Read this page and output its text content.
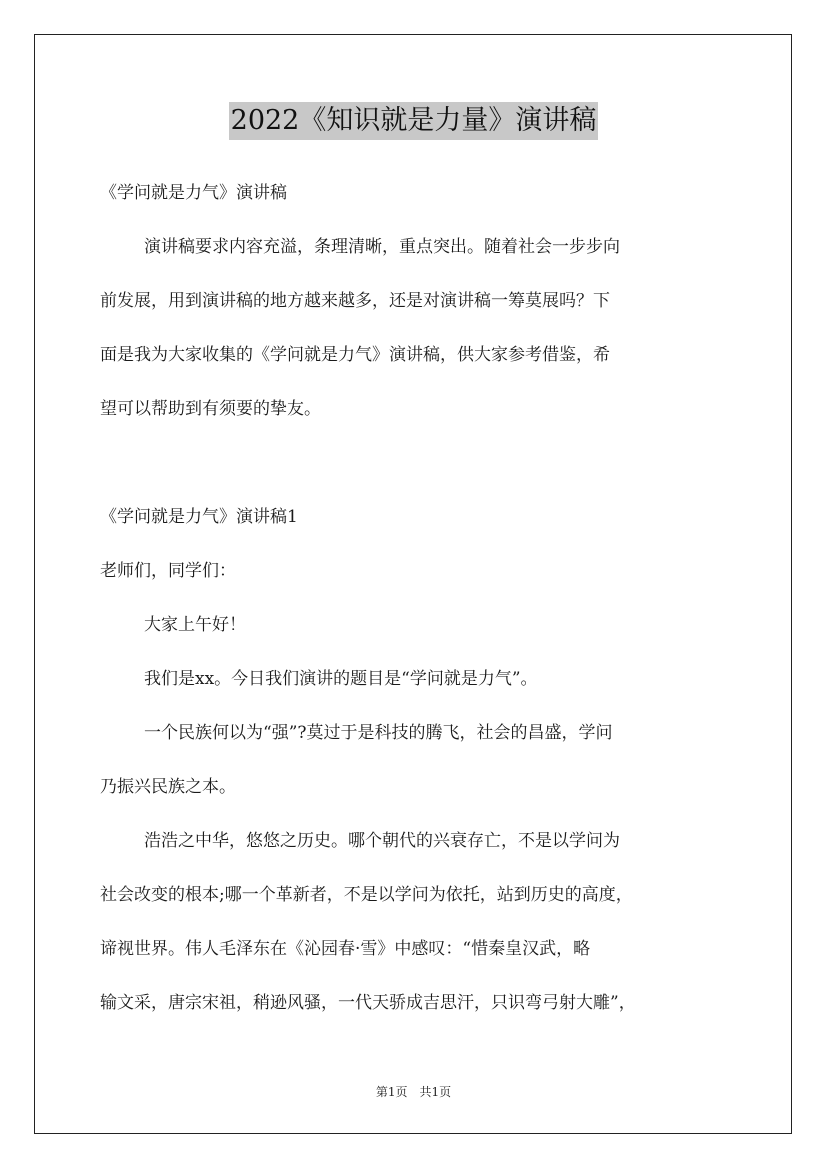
2022《知识就是力量》演讲稿
《学问就是力气》演讲稿
演讲稿要求内容充溢，条理清晰，重点突出。随着社会一步步向
前发展，用到演讲稿的地方越来越多，还是对演讲稿一筹莫展吗？下
面是我为大家收集的《学问就是力气》演讲稿，供大家参考借鉴，希
望可以帮助到有须要的挚友。
《学问就是力气》演讲稿1
老师们，同学们：
大家上午好！
我们是xx。今日我们演讲的题目是“学问就是力气”。
一个民族何以为“强”?莫过于是科技的腾飞，社会的昌盛，学问
乃振兴民族之本。
浩浩之中华，悠悠之历史。哪个朝代的兴衰存亡，不是以学问为
社会改变的根本;哪一个革新者，不是以学问为依托，站到历史的高度，
谛视世界。伟人毛泽东在《沁园春·雪》中感叹：“惜秦皇汉武，略
输文采，唐宗宋祖，稍逊风骚，一代天骄成吉思汗，只识弯弓射大雕”，
第1页　共1页
